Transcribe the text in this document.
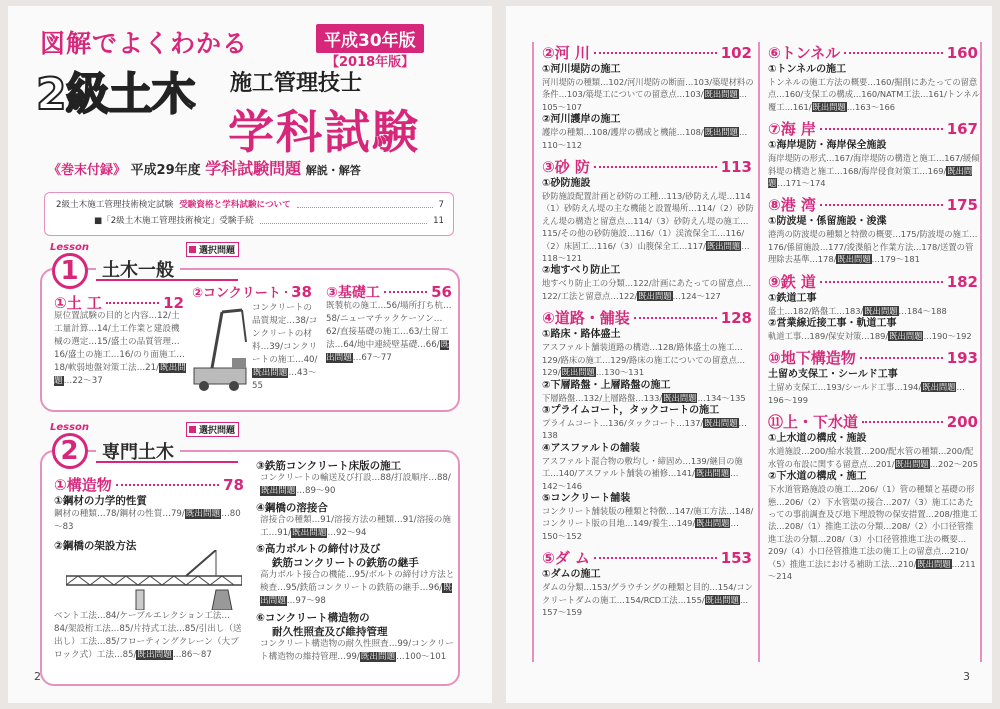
図解でよくわかる	平成30年版
【2018年版】
2級土木 施工管理技士
学科試験
《巻末付録》 平成29年度 学科試験問題 解説・解答
2級土木施工管理技術検定試験 受験資格と学科試験について	7
■「2級土木施工管理技術検定」受験手続	11
Lesson
1
選択問題
土木一般
①土 工	12
原位置試験の目的と内容…12/土工量計算…14/土工作業と建設機械の選定…15/盛土の品質管理…16/盛土の施工…16/のり面施工…18/軟弱地盤対策工法…21/既出問題…22～37
②コンクリート 38
コンクリートの品質規定…38/コンクリートの材料…39/コンクリートの施工…40/既出問題…43～55
③基礎工	56
既製杭の施工…56/場所打ち杭…58/ニューマチックケーソン…62/直接基礎の施工…63/土留工法…64/地中連続壁基礎…66/既出問題…67～77
Lesson
2
選択問題
専門土木
①構造物	78
①鋼材の力学的性質
鋼材の種類…78/鋼材の性質…79/既出問題…80～83
②鋼橋の架設方法
ベント工法…84/ケーブルエレクション工法…84/架設桁工法…85/片持式工法…85/引出し（送出し）工法…85/フローティングクレーン（大ブロック式）工法…85/既出問題…86～87
③鉄筋コンクリート床版の施工
コンクリートの輸送及び打設…88/打設順序…88/既出問題…89～90
④鋼橋の溶接合
溶接合の種類…91/溶接方法の種類…91/溶接の施工…91/既出問題…92～94
⑤高力ボルトの締付け及び
鉄筋コンクリートの鉄筋の継手
高力ボルト接合の機能…95/ボルトの締付け方法と検査…95/鉄筋コンクリートの鉄筋の継手…96/既出問題…97～98
⑥コンクリート構造物の
耐久性照査及び維持管理
コンクリート構造物の耐久性照査…99/コンクリート構造物の維持管理…99/既出問題…100～101
2
②河 川	102
①河川堤防の施工
河川堤防の種類…102/河川堤防の断面…103/築堤材料の条件…103/築堤工についての留意点…103/既出問題…105～107
②河川護岸の施工
護岸の種類…108/護岸の構成と機能…108/既出問題…110～112
③砂 防	113
①砂防施設
砂防施設配置計画と砂防の工種…113/砂防えん堤…114（1）砂防えん堤の主な機能と設置場所…114/（2）砂防えん堤の構造と留意点…114/（3）砂防えん堤の施工…115/その他の砂防施設…116/（1）渓流保全工…116/（2）床固工…116/（3）山腹保全工…117/既出問題…118～121
②地すべり防止工
地すべり防止工の分類…122/計画にあたっての留意点…122/工法と留意点…122/既出問題…124～127
④道路・舗装	128
①路床・路体盛土
アスファルト舗装道路の構造…128/路体盛土の施工…129/路床の施工…129/路床の施工についての留意点…129/既出問題…130～131
②下層路盤・上層路盤の施工
下層路盤…132/上層路盤…133/既出問題…134～135
③プライムコート，タックコートの施工
プライムコート…136/タックコート…137/既出問題…138
④アスファルトの舗装
アスファルト混合物の敷均し・締固め…139/継目の施工…140/アスファルト舗装の補修…141/既出問題…142～146
⑤コンクリート舗装
コンクリート舗装版の種類と特徴…147/施工方法…148/コンクリート版の目地…149/養生…149/既出問題…150～152
⑤ダ ム	153
①ダムの施工
ダムの分類…153/グラウチングの種類と目的…154/コンクリートダムの施工…154/RCD工法…155/既出問題…157～159
⑥トンネル	160
①トンネルの施工
トンネルの施工方法の概要…160/掘削にあたっての留意点…160/支保工の構成…160/NATM工法…161/トンネル覆工…161/既出問題…163～166
⑦海 岸	167
①海岸堤防・海岸保全施設
海岸堤防の形式…167/海岸堤防の構造と施工…167/緩傾斜堤の構造と施工…168/海岸侵食対策工…169/既出問題…171～174
⑧港 湾	175
①防波堤・係留施設・浚渫
港湾の防波堤の種類と特徴の概要…175/防波堤の施工…176/係留施設…177/浚渫船と作業方法…178/送置の管理除去基準…178/既出問題…179～181
⑨鉄 道	182
①鉄道工事
盛土…182/路盤工…183/既出問題…184～188
②営業線近接工事・軌道工事
軌道工事…189/保安対策…189/既出問題…190～192
⑩地下構造物	193
土留め支保工・シールド工事
土留め支保工…193/シールド工事…194/既出問題…196～199
⑪上・下水道	200
①上水道の構成・施設
水道施設…200/給水装置…200/配水管の種類…200/配水管の布設に関する留意点…201/既出問題…202～205
②下水道の構成・施工
下水道管路施設の施工…206/（1）管の種類と基礎の形態…206/（2）下水管渠の接合…207/（3）施工にあたっての事前調査及び地下埋設物の保安措置…208/推進工法…208/（1）推進工法の分類…208/（2）小口径管推進工法の分類…208/（3）小口径管推進工法の概要…209/（4）小口径管推進工法の施工上の留意点…210/（5）推進工法における補助工法…210/既出問題…211～214
3
